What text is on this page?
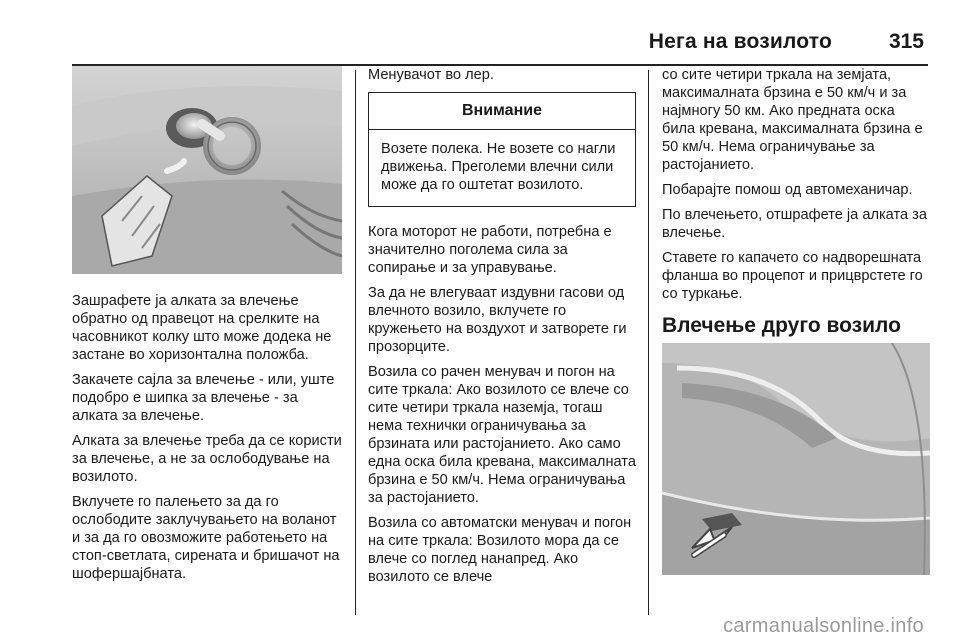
Нега на возилото	315

Зашрафете ја алката за влечење обратно од правецот на срелките на часовникот колку што може додека не застане во хоризонтална положба.

Закачете сајла за влечење - или, уште подобро е шипка за влечење - за алката за влечење.

Алката за влечење треба да се користи за влечење, а не за ослободување на возилото.

Вклучете го палењето за да го ослободите заклучувањето на воланот и за да го овозможите работењето на стоп-светлата, сирената и бришачот на шофершајбната.

Менувачот во лер.

Внимание
Возете полека. Не возете со нагли движења. Преголеми влечни сили може да го оштетат возилото.

Кога моторот не работи, потребна е значително поголема сила за сопирање и за управување.

За да не влегуваат издувни гасови од влечното возило, вклучете го кружењето на воздухот и затворете ги прозорците.

Возила со рачен менувач и погон на сите тркала: Ако возилото се влече со сите четири тркала наземја, тогаш нема технички ограничувања за брзината или растојанието. Ако само една оска била кревана, максималната брзина е 50 км/ч. Нема ограничувања за растојанието.

Возила со автоматски менувач и погон на сите тркала: Возилото мора да се влече со поглед нанапред. Ако возилото се влече

со сите четири тркала на земјата, максималната брзина е 50 км/ч и за најмногу 50 км. Ако предната оска била кревана, максималната брзина е 50 км/ч. Нема ограничување за растојанието.

Побарајте помош од автомеханичар.

По влечењето, отшрафете ја алката за влечење.

Ставете го капачето со надворешната фланша во процепот и прицврстете го со туркање.

Влечење друго возило
carmanualsonline.info
